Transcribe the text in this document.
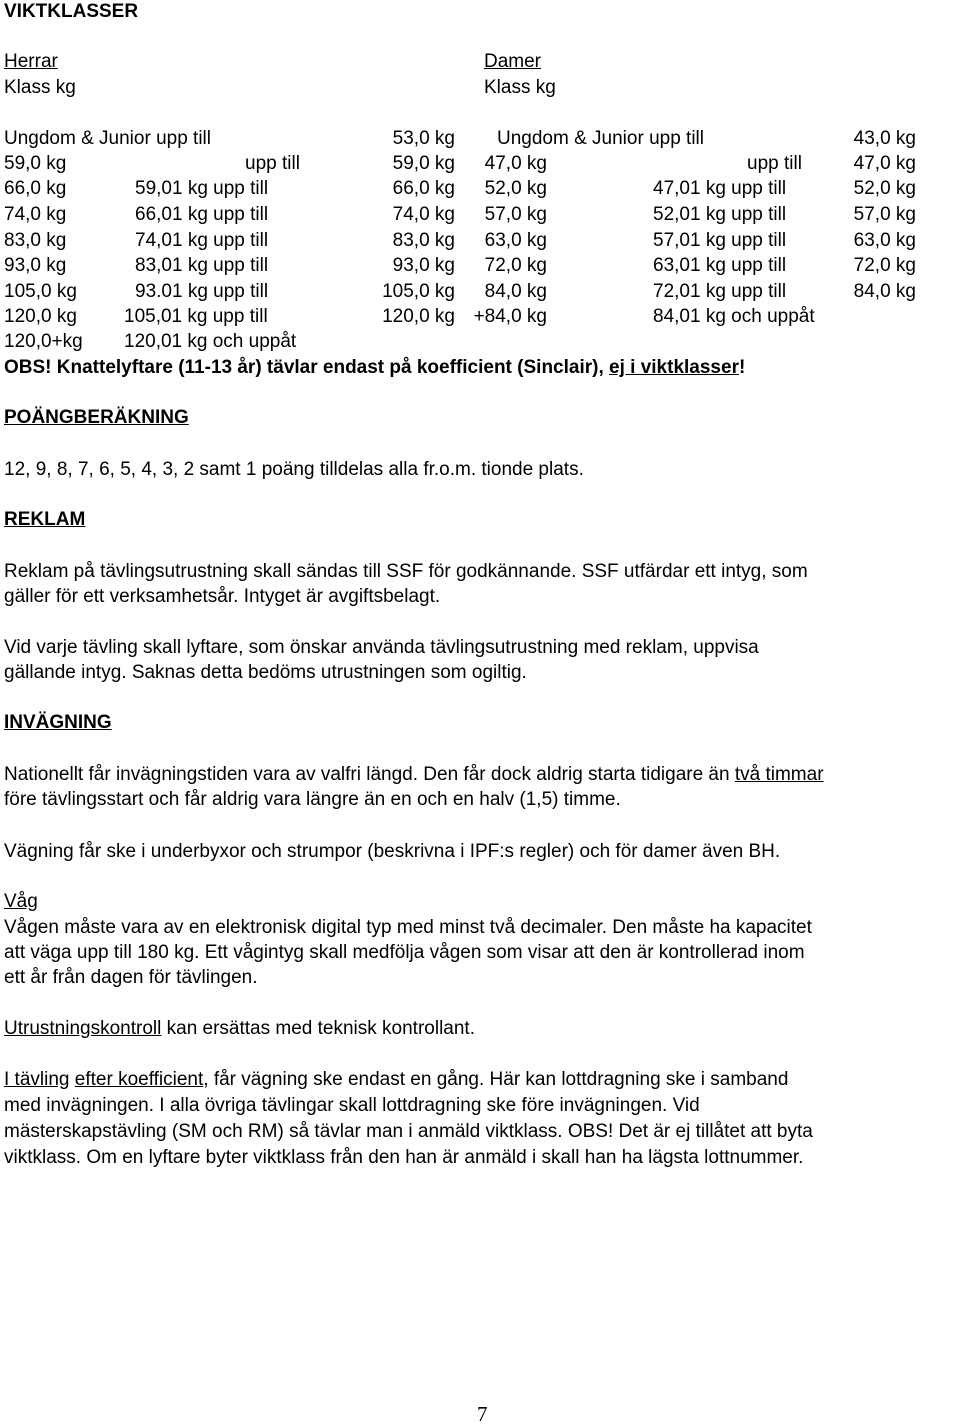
VIKTKLASSER
Herrar
Klass kg
Damer
Klass kg
Ungdom & Junior upp till	53,0 kg Ungdom & Junior upp till	43,0 kg
59,0 kg	upp till	59,0 kg 47,0 kg	upp till	47,0 kg
66,0 kg	59,01 kg upp till	66,0 kg 52,0 kg	47,01 kg upp till	52,0 kg
74,0 kg	66,01 kg upp till	74,0 kg 57,0 kg	52,01 kg upp till	57,0 kg
83,0 kg	74,01 kg upp till	83,0 kg 63,0 kg	57,01 kg upp till	63,0 kg
93,0 kg	83,01 kg upp till	93,0 kg 72,0 kg	63,01 kg upp till	72,0 kg
105,0 kg	93.01 kg upp till	105,0 kg 84,0 kg	72,01 kg upp till	84,0 kg
120,0 kg 105,01 kg upp till	120,0 kg +84,0 kg	84,01 kg och uppåt
120,0+kg 120,01 kg och uppåt
OBS! Knattelyftare (11-13 år) tävlar endast på koefficient (Sinclair), ej i viktklasser!
POÄNGBERÄKNING
12, 9, 8, 7, 6, 5, 4, 3, 2 samt 1 poäng tilldelas alla fr.o.m. tionde plats.
REKLAM
Reklam på tävlingsutrustning skall sändas till SSF för godkännande. SSF utfärdar ett intyg, som
gäller för ett verksamhetsår. Intyget är avgiftsbelagt.
Vid varje tävling skall lyftare, som önskar använda tävlingsutrustning med reklam, uppvisa
gällande intyg. Saknas detta bedöms utrustningen som ogiltig.
INVÄGNING
Nationellt får invägningstiden vara av valfri längd. Den får dock aldrig starta tidigare än två timmar
före tävlingsstart och får aldrig vara längre än en och en halv (1,5) timme.
Vägning får ske i underbyxor och strumpor (beskrivna i IPF:s regler) och för damer även BH.
Våg
Vågen måste vara av en elektronisk digital typ med minst två decimaler. Den måste ha kapacitet
att väga upp till 180 kg. Ett vågintyg skall medfölja vågen som visar att den är kontrollerad inom
ett år från dagen för tävlingen.
Utrustningskontroll kan ersättas med teknisk kontrollant.
I tävling efter koefficient, får vägning ske endast en gång. Här kan lottdragning ske i samband
med invägningen. I alla övriga tävlingar skall lottdragning ske före invägningen. Vid
mästerskapstävling (SM och RM) så tävlar man i anmäld viktklass. OBS! Det är ej tillåtet att byta
viktklass. Om en lyftare byter viktklass från den han är anmäld i skall han ha lägsta lottnummer.
7
